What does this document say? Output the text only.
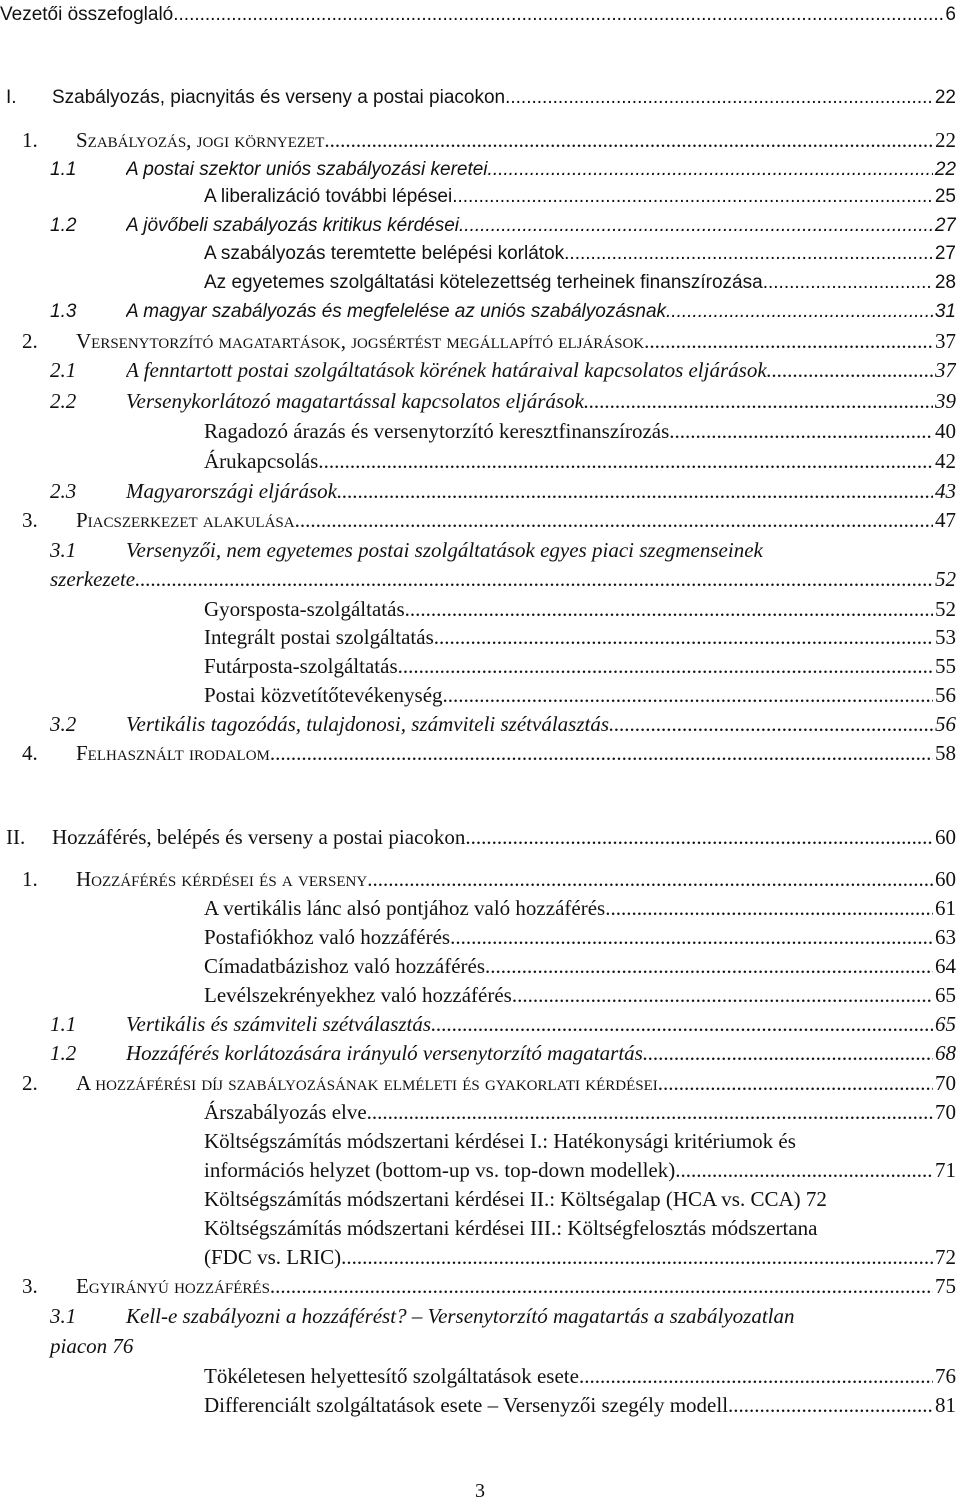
Vezetői összefoglaló .....	6
I. Szabályozás, piacnyitás és verseny a postai piacokon .....	22
1. Szabályozás, jogi környezet .....	22
1.1	A postai szektor uniós szabályozási keretei. .....	22
A liberalizáció további lépései .....	25
1.2	A jövőbeli szabályozás kritikus kérdései .....	27
A szabályozás teremtette belépési korlátok .....	27
Az egyetemes szolgáltatási kötelezettség terheinek finanszírozása .....	28
1.3	A magyar szabályozás és megfelelése az uniós szabályozásnak .....	31
2. Versenytorzító magatartások, jogsértést megállapító eljárások .....	37
2.1 A fenntartott postai szolgáltatások körének határaival kapcsolatos eljárások. .....	37
2.2 Versenykorlátozó magatartással kapcsolatos eljárások. .....	39
Ragadozó árazás és versenytorzító keresztfinanszírozás .....	40
Árukapcsolás. .....	42
2.3 Magyarországi eljárások. .....	43
3. Piacszerkezet alakulása .....	47
3.1 Versenyzői, nem egyetemes postai szolgáltatások egyes piaci szegmenseinek
szerkezete .....	52
Gyorsposta-szolgáltatás. .....	52
Integrált postai szolgáltatás .....	53
Futárposta-szolgáltatás .....	55
Postai közvetítőtevékenység .....	56
3.2 Vertikális tagozódás, tulajdonosi, számviteli szétválasztás .....	56
4. Felhasznált irodalom .....	58
II. Hozzáférés, belépés és verseny a postai piacokon .....	60
1. Hozzáférés kérdései és a verseny .....	60
A vertikális lánc alsó pontjához való hozzáférés .....	61
Postafiókhoz való hozzáférés .....	63
Címadatbázishoz való hozzáférés .....	64
Levélszekrényekhez való hozzáférés .....	65
1.1 Vertikális és számviteli szétválasztás .....	65
1.2 Hozzáférés korlátozására irányuló versenytorzító magatartás .....	68
2. A hozzáférési díj szabályozásának elméleti és gyakorlati kérdései .....	70
Árszabályozás elve .....	70
Költségszámítás módszertani kérdései I.: Hatékonysági kritériumok és
információs helyzet (bottom-up vs. top-down modellek) .....	71
Költségszámítás módszertani kérdései II.: Költségalap (HCA vs. CCA) 72
Költségszámítás módszertani kérdései III.: Költségfelosztás módszertana
(FDC vs. LRIC) .....	72
3. Egyirányú hozzáférés .....	75
3.1 Kell-e szabályozni a hozzáférést? – Versenytorzító magatartás a szabályozatlan
piacon 76
Tökéletesen helyettesítő szolgáltatások esete .....	76
Differenciált szolgáltatások esete – Versenyzői szegély modell .....	81
3
